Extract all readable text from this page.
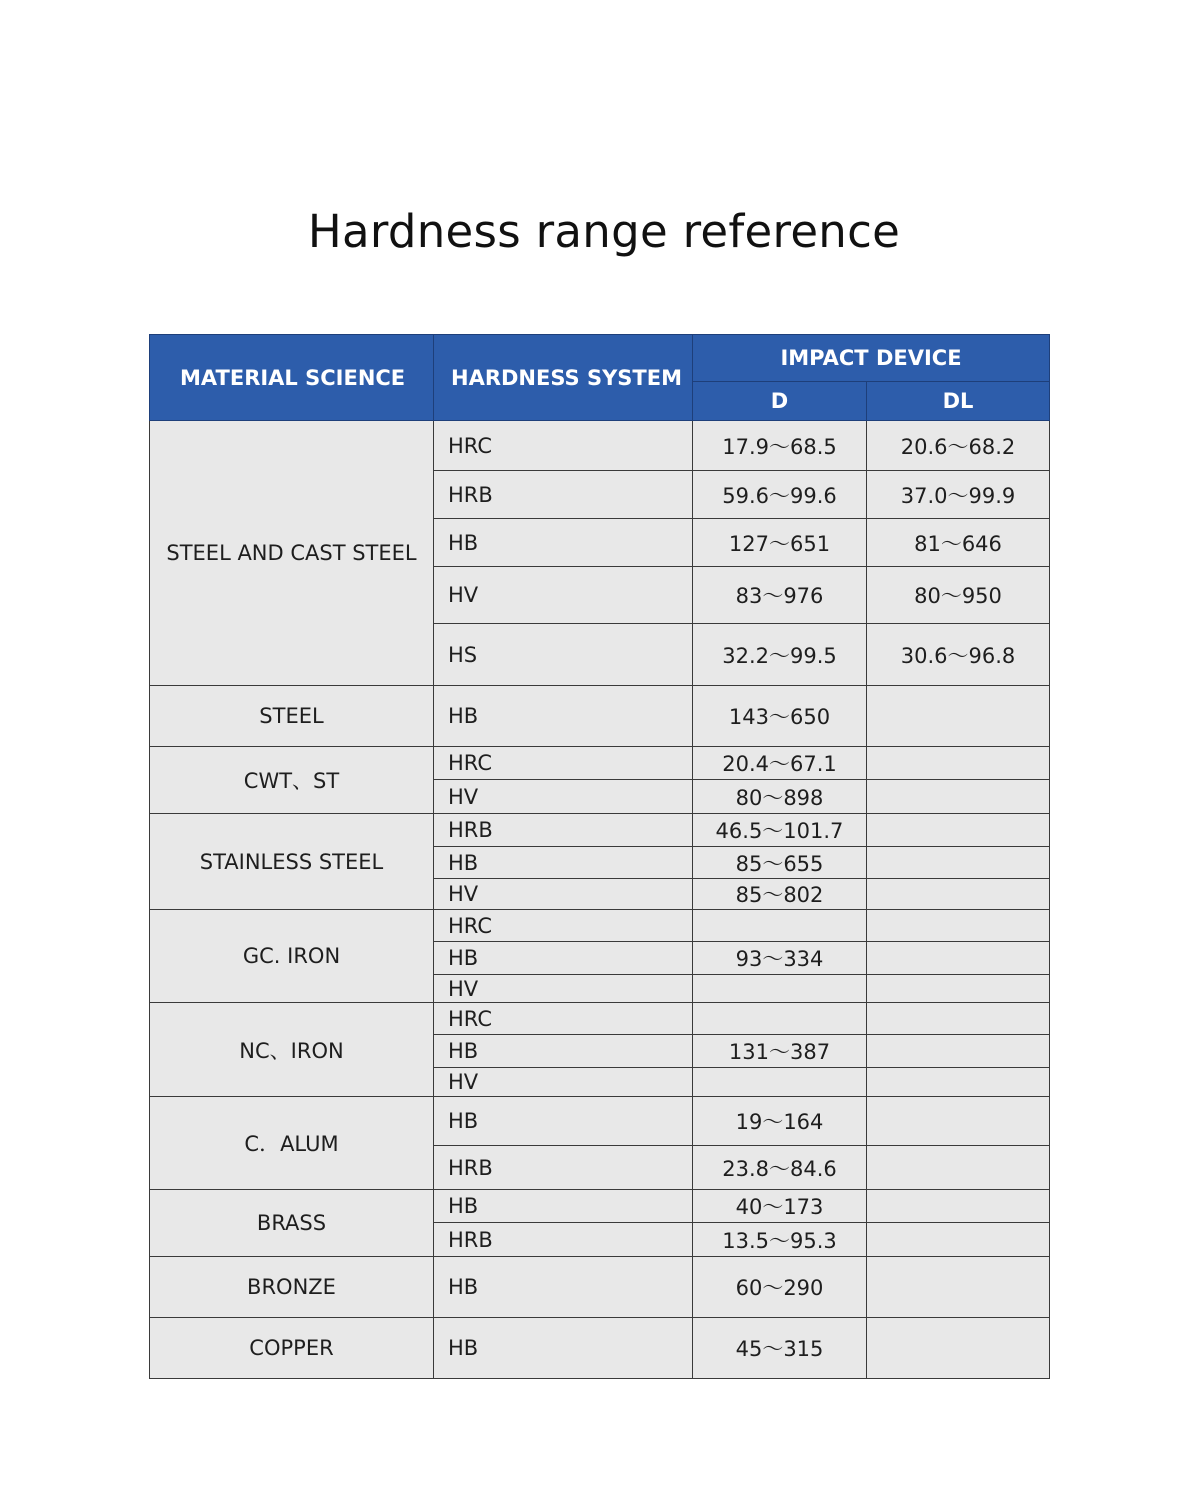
Hardness range reference
MATERIAL SCIENCE	HARDNESS SYSTEM	IMPACT DEVICE	
		D	DL
STEEL AND CAST STEEL	HRC	17.9～68.5	20.6～68.2
	HRB	59.6～99.6	37.0～99.9
	HB	127～651	81～646
	HV	83～976	80～950
	HS	32.2～99.5	30.6～96.8
STEEL	HB	143～650	
CWT、ST	HRC	20.4～67.1	
	HV	80～898	
STAINLESS STEEL	HRB	46.5～101.7	
	HB	85～655	
	HV	85～802	
GC. IRON	HRC		
	HB	93～334	
	HV		
NC、IRON	HRC		
	HB	131～387	
	HV		
C．ALUM	HB	19～164	
	HRB	23.8～84.6	
BRASS	HB	40～173	
	HRB	13.5～95.3	
BRONZE	HB	60～290	
COPPER	HB	45～315	
